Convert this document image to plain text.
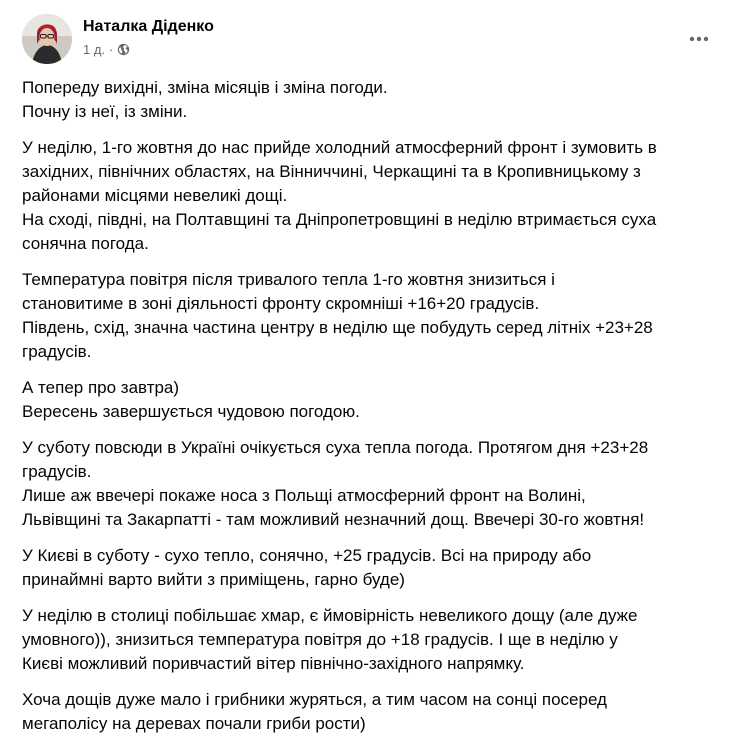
Наталка Діденко
1 д. ·

Попереду вихідні, зміна місяців і зміна погоди.
Почну із неї, із зміни.

У неділю, 1-го жовтня до нас прийде холодний атмосферний фронт і зумовить в
західних, північних областях, на Вінниччині, Черкащині та в Кропивницькому з
районами місцями невеликі дощі.
На сході, півдні, на Полтавщині та Дніпропетровщині в неділю втримається суха
сонячна погода.

Температура повітря після тривалого тепла 1-го жовтня знизиться і
становитиме в зоні діяльності фронту скромніші +16+20 градусів.
Південь, схід, значна частина центру в неділю ще побудуть серед літніх +23+28
градусів.

А тепер про завтра)
Вересень завершується чудовою погодою.

У суботу повсюди в Україні очікується суха тепла погода. Протягом дня +23+28
градусів.
Лише аж ввечері покаже носа з Польщі атмосферний фронт на Волині,
Львівщині та Закарпатті - там можливий незначний дощ. Ввечері 30-го жовтня!

У Києві в суботу - сухо тепло, сонячно, +25 градусів. Всі на природу або
принаймні варто вийти з приміщень, гарно буде)

У неділю в столиці побільшає хмар, є ймовірність невеликого дощу (але дуже
умовного)), знизиться температура повітря до +18 градусів. І ще в неділю у
Києві можливий поривчастий вітер північно-західного напрямку.

Хоча дощів дуже мало і грибники журяться, а тим часом на сонці посеред
мегаполісу на деревах почали гриби рости)
